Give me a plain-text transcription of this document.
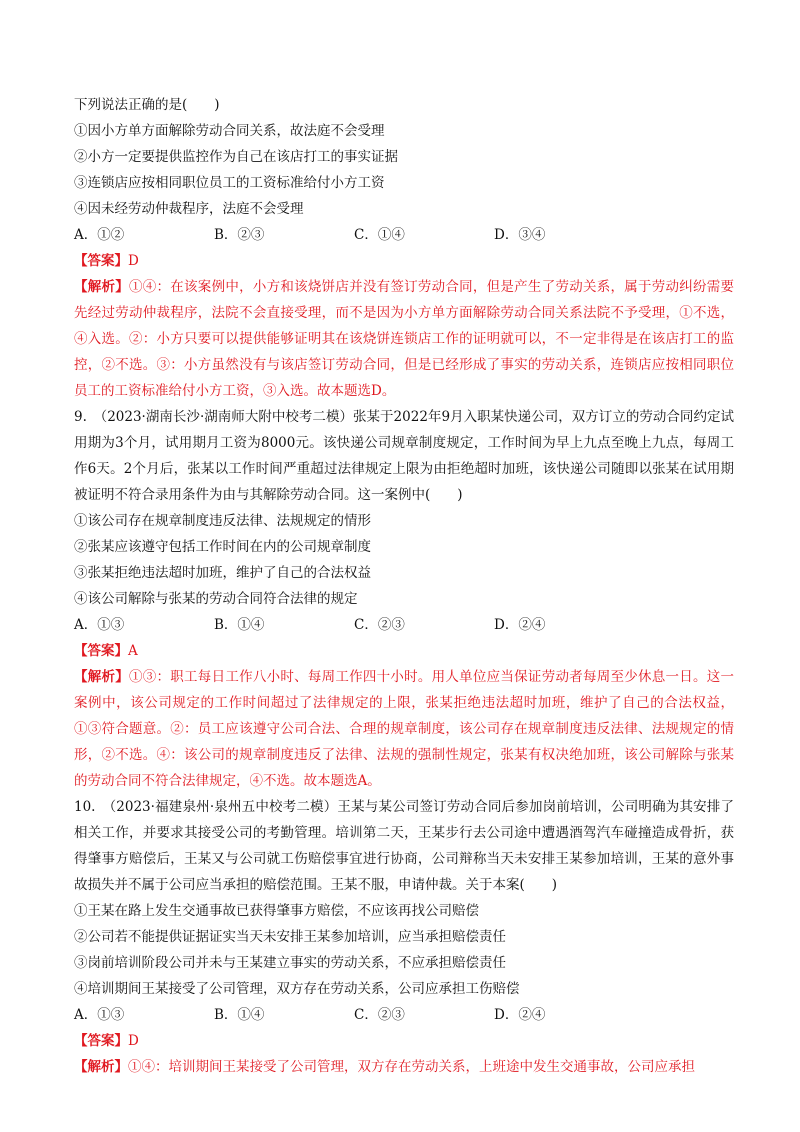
下列说法正确的是(　　)
①因小方单方面解除劳动合同关系，故法庭不会受理
②小方一定要提供监控作为自己在该店打工的事实证据
③连锁店应按相同职位员工的工资标准给付小方工资
④因未经劳动仲裁程序，法庭不会受理
A．①②	B．②③	C．①④	D．③④
【答案】D
【解析】①④：在该案例中，小方和该烧饼店并没有签订劳动合同，但是产生了劳动关系，属于劳动纠纷需要先经过劳动仲裁程序，法院不会直接受理，而不是因为小方单方面解除劳动合同关系法院不予受理，①不选，④入选。②：小方只要可以提供能够证明其在该烧饼连锁店工作的证明就可以，不一定非得是在该店打工的监控，②不选。③：小方虽然没有与该店签订劳动合同，但是已经形成了事实的劳动关系，连锁店应按相同职位员工的工资标准给付小方工资，③入选。故本题选D。
9.　（2023·湖南长沙·湖南师大附中校考二模）张某于2022年9月入职某快递公司，双方订立的劳动合同约定试用期为3个月，试用期月工资为8000元。该快递公司规章制度规定，工作时间为早上九点至晚上九点，每周工作6天。2个月后，张某以工作时间严重超过法律规定上限为由拒绝超时加班，该快递公司随即以张某在试用期被证明不符合录用条件为由与其解除劳动合同。这一案例中(　　)
①该公司存在规章制度违反法律、法规规定的情形
②张某应该遵守包括工作时间在内的公司规章制度
③张某拒绝违法超时加班，维护了自己的合法权益
④该公司解除与张某的劳动合同符合法律的规定
A．①③	B．①④	C．②③	D．②④
【答案】A
【解析】①③：职工每日工作八小时、每周工作四十小时。用人单位应当保证劳动者每周至少休息一日。这一案例中，该公司规定的工作时间超过了法律规定的上限，张某拒绝违法超时加班，维护了自己的合法权益，①③符合题意。②：员工应该遵守公司合法、合理的规章制度，该公司存在规章制度违反法律、法规规定的情形，②不选。④：该公司的规章制度违反了法律、法规的强制性规定，张某有权决绝加班，该公司解除与张某的劳动合同不符合法律规定，④不选。故本题选A。
10.　（2023·福建泉州·泉州五中校考二模）王某与某公司签订劳动合同后参加岗前培训，公司明确为其安排了相关工作，并要求其接受公司的考勤管理。培训第二天，王某步行去公司途中遭遇酒驾汽车碰撞造成骨折，获得肇事方赔偿后，王某又与公司就工伤赔偿事宜进行协商，公司辩称当天未安排王某参加培训，王某的意外事故损失并不属于公司应当承担的赔偿范围。王某不服，申请仲裁。关于本案(　　)
①王某在路上发生交通事故已获得肇事方赔偿，不应该再找公司赔偿
②公司若不能提供证据证实当天未安排王某参加培训，应当承担赔偿责任
③岗前培训阶段公司并未与王某建立事实的劳动关系，不应承担赔偿责任
④培训期间王某接受了公司管理，双方存在劳动关系，公司应承担工伤赔偿
A．①③	B．①④	C．②③	D．②④
【答案】D
【解析】①④：培训期间王某接受了公司管理，双方存在劳动关系，上班途中发生交通事故，公司应承担
